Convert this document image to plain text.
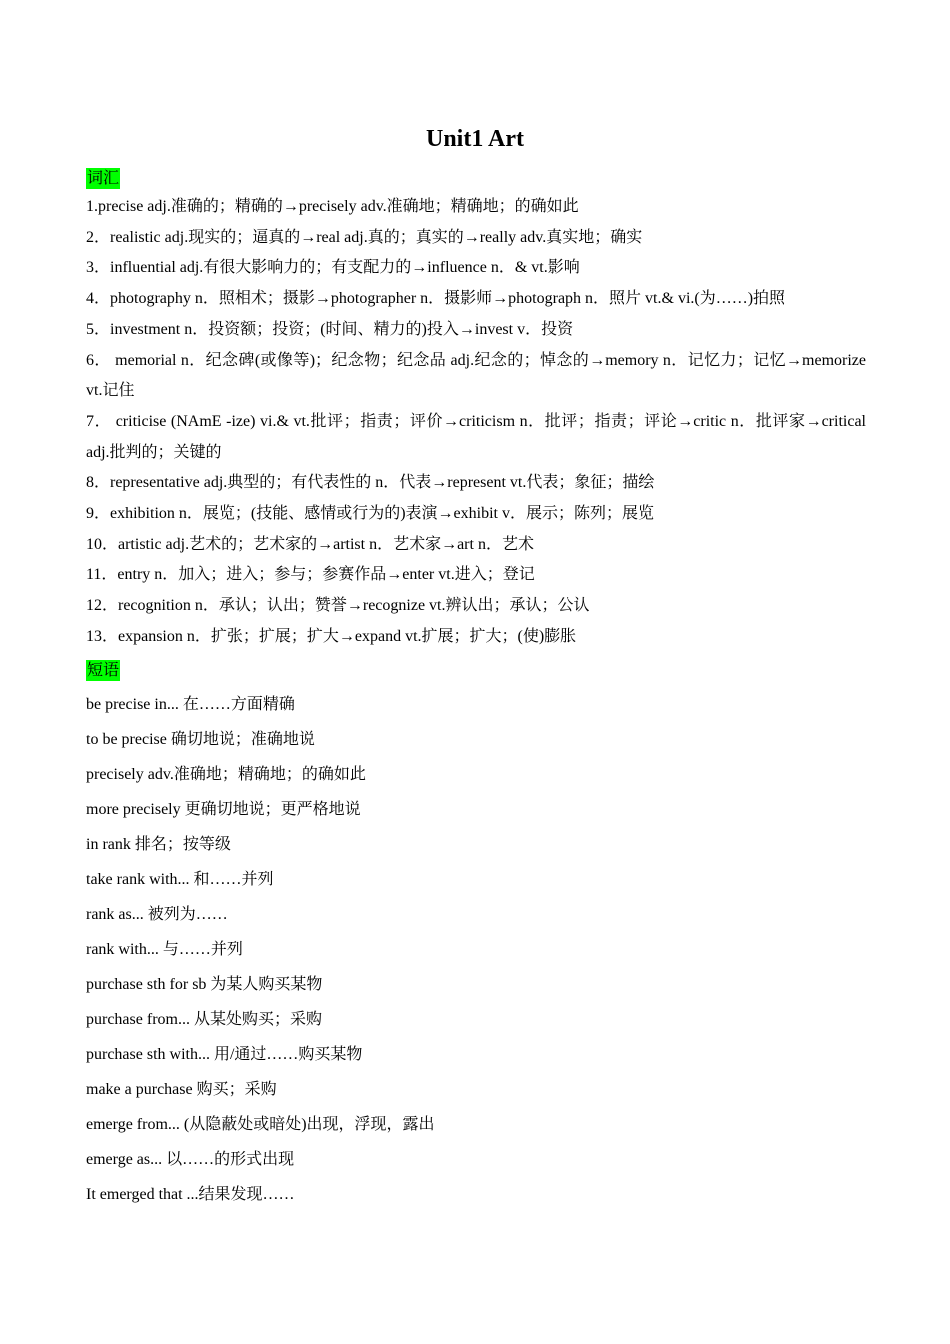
Unit1 Art
词汇
1.precise adj.准确的；精确的→precisely adv.准确地；精确地；的确如此
2．realistic adj.现实的；逼真的→real adj.真的；真实的→really adv.真实地；确实
3．influential adj.有很大影响力的；有支配力的→influence n．& vt.影响
4．photography n．照相术；摄影→photographer n．摄影师→photograph n．照片 vt.& vi.(为……)拍照
5．investment n．投资额；投资；(时间、精力的)投入→invest v．投资
6． memorial n．纪念碑(或像等)；纪念物；纪念品 adj.纪念的；悼念的→memory n．记忆力；记忆→memorize vt.记住
7． criticise (NAmE -ize) vi.& vt.批评；指责；评价→criticism n．批评；指责；评论→critic n．批评家→critical adj.批判的；关键的
8．representative adj.典型的；有代表性的 n．代表→represent vt.代表；象征；描绘
9．exhibition n．展览；(技能、感情或行为的)表演→exhibit v．展示；陈列；展览
10．artistic adj.艺术的；艺术家的→artist n．艺术家→art n．艺术
11．entry n．加入；进入；参与；参赛作品→enter vt.进入；登记
12．recognition n．承认；认出；赞誉→recognize vt.辨认出；承认；公认
13．expansion n．扩张；扩展；扩大→expand vt.扩展；扩大；(使)膨胀
短语
be precise in... 在……方面精确
to be precise 确切地说；准确地说
precisely adv.准确地；精确地；的确如此
more precisely 更确切地说；更严格地说
in rank 排名；按等级
take rank with... 和……并列
rank as... 被列为……
rank with... 与……并列
purchase sth for sb 为某人购买某物
purchase from... 从某处购买；采购
purchase sth with... 用/通过……购买某物
make a purchase 购买；采购
emerge from... (从隐蔽处或暗处)出现，浮现，露出
emerge as... 以……的形式出现
It emerged that ...结果发现……
